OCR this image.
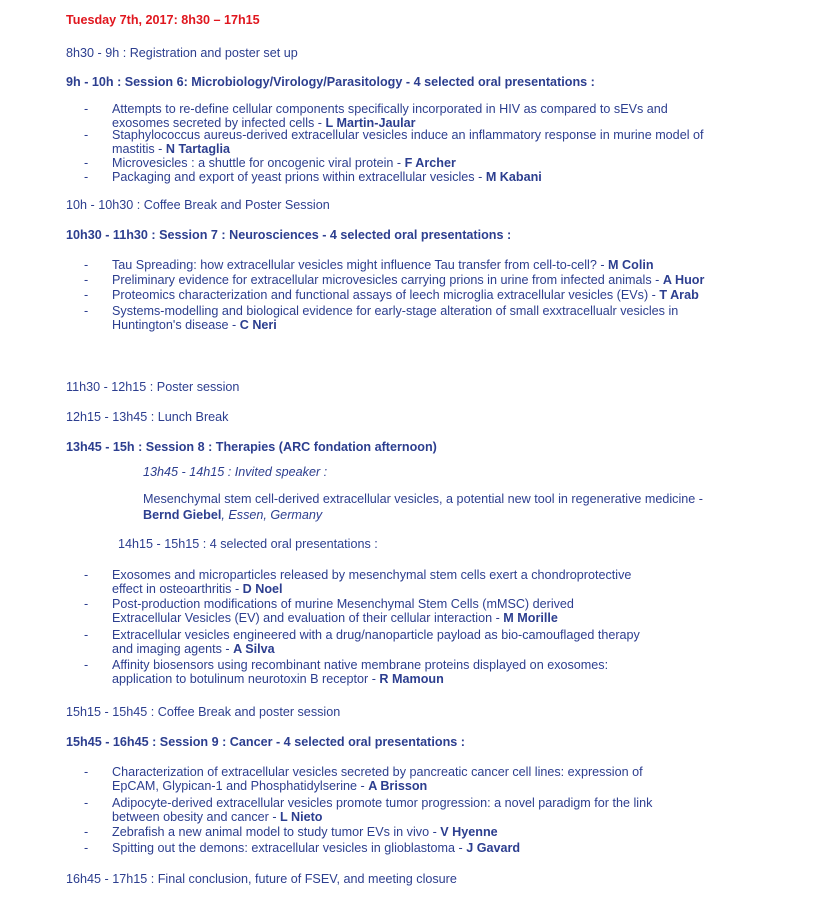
Tuesday 7th, 2017: 8h30 – 17h15
8h30 - 9h : Registration and poster set up
9h - 10h : Session 6: Microbiology/Virology/Parasitology - 4 selected oral presentations :
- Attempts to re-define cellular components specifically incorporated in HIV as compared to sEVs and
exosomes secreted by infected cells - L Martin-Jaular
- Staphylococcus aureus-derived extracellular vesicles induce an inflammatory response in murine model of
mastitis - N Tartaglia
- Microvesicles : a shuttle for oncogenic viral protein - F Archer
- Packaging and export of yeast prions within extracellular vesicles - M Kabani
10h - 10h30 : Coffee Break and Poster Session
10h30 - 11h30 : Session 7 : Neurosciences - 4 selected oral presentations :
- Tau Spreading: how extracellular vesicles might influence Tau transfer from cell-to-cell? - M Colin
- Preliminary evidence for extracellular microvesicles carrying prions in urine from infected animals - A Huor
- Proteomics characterization and functional assays of leech microglia extracellular vesicles (EVs) - T Arab
- Systems-modelling and biological evidence for early-stage alteration of small exxtracellualr vesicles in
Huntington's disease - C Neri
11h30 - 12h15 : Poster session
12h15 - 13h45 : Lunch Break
13h45 - 15h : Session 8 : Therapies (ARC fondation afternoon)
13h45 - 14h15 : Invited speaker :
Mesenchymal stem cell-derived extracellular vesicles, a potential new tool in regenerative medicine -
Bernd Giebel, Essen, Germany
14h15 - 15h15 : 4 selected oral presentations :
- Exosomes and microparticles released by mesenchymal stem cells exert a chondroprotective
effect in osteoarthritis - D Noel
- Post-production modifications of murine Mesenchymal Stem Cells (mMSC) derived
Extracellular Vesicles (EV) and evaluation of their cellular interaction - M Morille
- Extracellular vesicles engineered with a drug/nanoparticle payload as bio-camouflaged therapy
and imaging agents - A Silva
- Affinity biosensors using recombinant native membrane proteins displayed on exosomes:
application to botulinum neurotoxin B receptor - R Mamoun
15h15 - 15h45 : Coffee Break and poster session
15h45 - 16h45 : Session 9 : Cancer - 4 selected oral presentations :
- Characterization of extracellular vesicles secreted by pancreatic cancer cell lines: expression of
EpCAM, Glypican-1 and Phosphatidylserine - A Brisson
- Adipocyte-derived extracellular vesicles promote tumor progression: a novel paradigm for the link
between obesity and cancer - L Nieto
- Zebrafish a new animal model to study tumor EVs in vivo - V Hyenne
- Spitting out the demons: extracellular vesicles in glioblastoma - J Gavard
16h45 - 17h15 : Final conclusion, future of FSEV, and meeting closure
